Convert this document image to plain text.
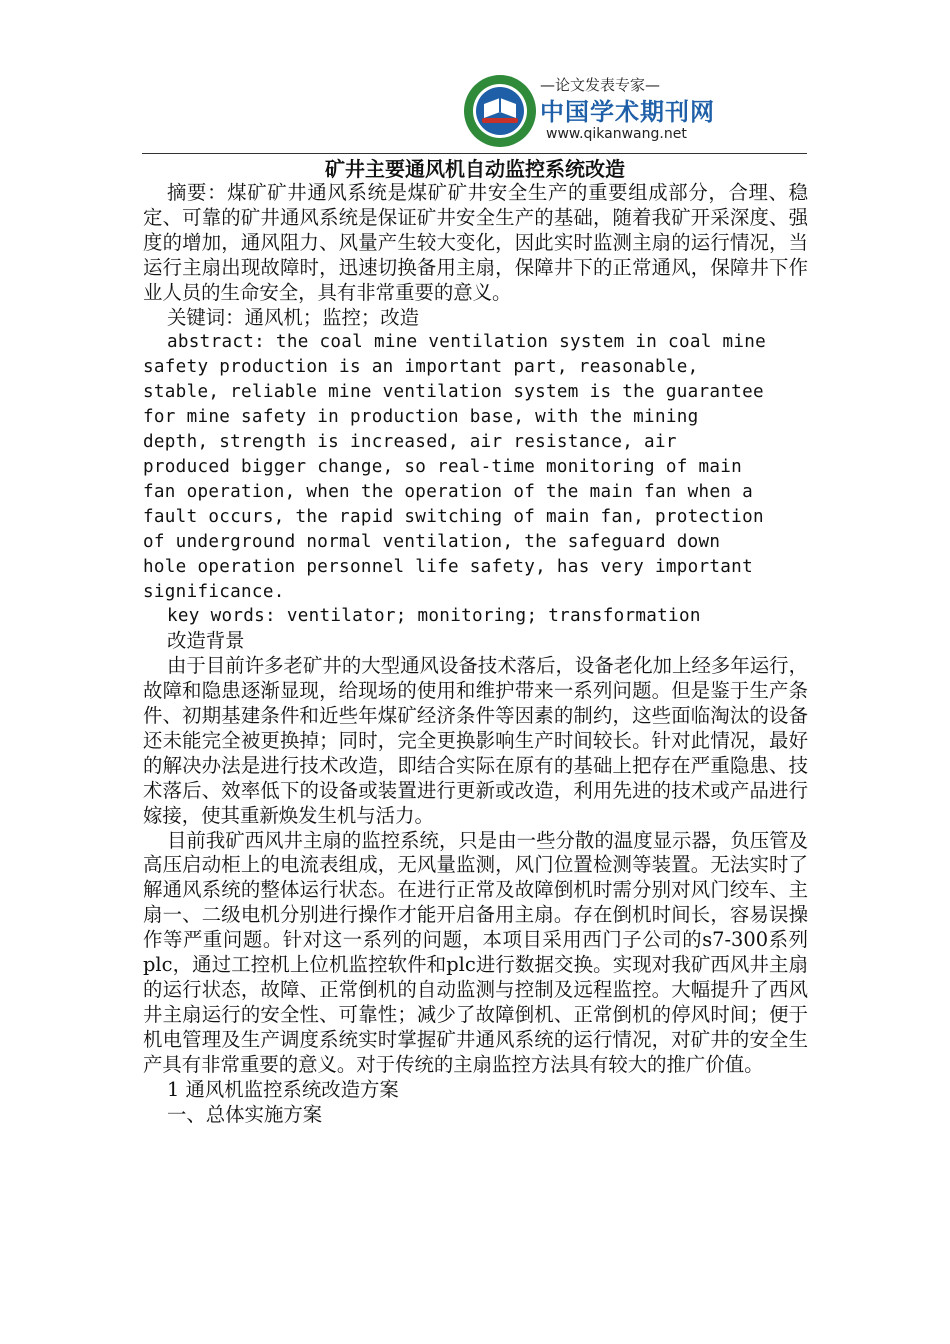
—论文发表专家—
中国学术期刊网
www.qikanwang.net
矿井主要通风机自动监控系统改造

摘要：煤矿矿井通风系统是煤矿矿井安全生产的重要组成部分，合理、稳定、可靠的矿井通风系统是保证矿井安全生产的基础，随着我矿开采深度、强度的增加，通风阻力、风量产生较大变化，因此实时监测主扇的运行情况，当运行主扇出现故障时，迅速切换备用主扇，保障井下的正常通风，保障井下作业人员的生命安全，具有非常重要的意义。

关键词：通风机；监控；改造

abstract: the coal mine ventilation system in coal mine
safety production is an important part, reasonable,
stable, reliable mine ventilation system is the guarantee
for mine safety in production base, with the mining
depth, strength is increased, air resistance, air
produced bigger change, so real-time monitoring of main
fan operation, when the operation of the main fan when a
fault occurs, the rapid switching of main fan, protection
of underground normal ventilation, the safeguard down
hole operation personnel life safety, has very important
significance.

key words: ventilator; monitoring; transformation

改造背景

由于目前许多老矿井的大型通风设备技术落后，设备老化加上经多年运行，故障和隐患逐渐显现，给现场的使用和维护带来一系列问题。但是鉴于生产条件、初期基建条件和近些年煤矿经济条件等因素的制约，这些面临淘汰的设备还未能完全被更换掉；同时，完全更换影响生产时间较长。针对此情况，最好的解决办法是进行技术改造，即结合实际在原有的基础上把存在严重隐患、技术落后、效率低下的设备或装置进行更新或改造，利用先进的技术或产品进行嫁接，使其重新焕发生机与活力。

目前我矿西风井主扇的监控系统，只是由一些分散的温度显示器，负压管及高压启动柜上的电流表组成，无风量监测，风门位置检测等装置。无法实时了解通风系统的整体运行状态。在进行正常及故障倒机时需分别对风门绞车、主扇一、二级电机分别进行操作才能开启备用主扇。存在倒机时间长，容易误操作等严重问题。针对这一系列的问题，本项目采用西门子公司的s7-300系列plc，通过工控机上位机监控软件和plc进行数据交换。实现对我矿西风井主扇的运行状态，故障、正常倒机的自动监测与控制及远程监控。大幅提升了西风井主扇运行的安全性、可靠性；减少了故障倒机、正常倒机的停风时间；便于机电管理及生产调度系统实时掌握矿井通风系统的运行情况，对矿井的安全生产具有非常重要的意义。对于传统的主扇监控方法具有较大的推广价值。

1 通风机监控系统改造方案

一、总体实施方案
